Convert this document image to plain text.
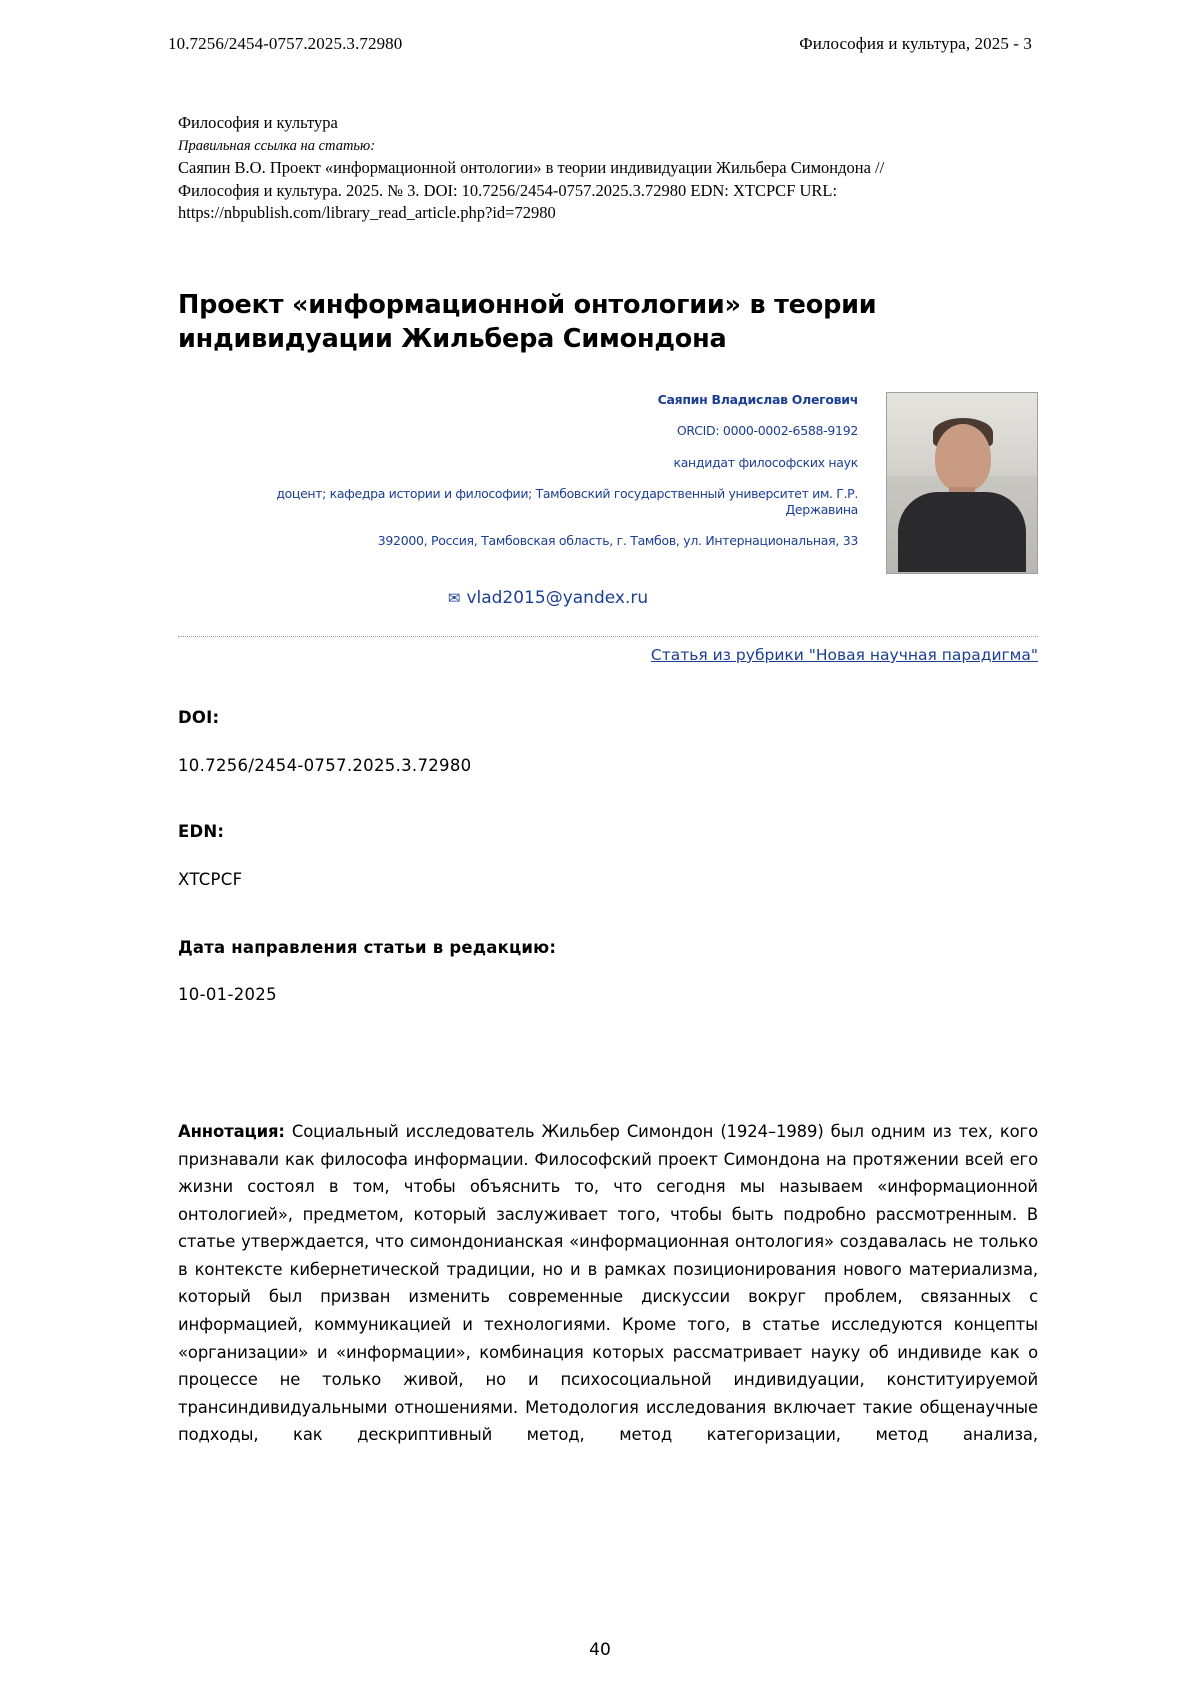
10.7256/2454-0757.2025.3.72980	Философия и культура, 2025 - 3
Философия и культура
Правильная ссылка на статью:
Саяпин В.О. Проект «информационной онтологии» в теории индивидуации Жильбера Симондона // Философия и культура. 2025. № 3. DOI: 10.7256/2454-0757.2025.3.72980 EDN: XTCPCF URL: https://nbpublish.com/library_read_article.php?id=72980
Проект «информационной онтологии» в теории индивидуации Жильбера Симондона
Саяпин Владислав Олегович
ORCID: 0000-0002-6588-9192
кандидат философских наук
доцент; кафедра истории и философии; Тамбовский государственный университет им. Г.Р. Державина
392000, Россия, Тамбовская область, г. Тамбов, ул. Интернациональная, 33
✉ vlad2015@yandex.ru
Статья из рубрики "Новая научная парадигма"
DOI:
10.7256/2454-0757.2025.3.72980
EDN:
XTCPCF
Дата направления статьи в редакцию:
10-01-2025
Аннотация: Социальный исследователь Жильбер Симондон (1924–1989) был одним из тех, кого признавали как философа информации. Философский проект Симондона на протяжении всей его жизни состоял в том, чтобы объяснить то, что сегодня мы называем «информационной онтологией», предметом, который заслуживает того, чтобы быть подробно рассмотренным. В статье утверждается, что симондонианская «информационная онтология» создавалась не только в контексте кибернетической традиции, но и в рамках позиционирования нового материализма, который был призван изменить современные дискуссии вокруг проблем, связанных с информацией, коммуникацией и технологиями. Кроме того, в статье исследуются концепты «организации» и «информации», комбинация которых рассматривает науку об индивиде как о процессе не только живой, но и психосоциальной индивидуации, конституируемой трансиндивидуальными отношениями. Методология исследования включает такие общенаучные подходы, как дескриптивный метод, метод категоризации, метод анализа,
40
